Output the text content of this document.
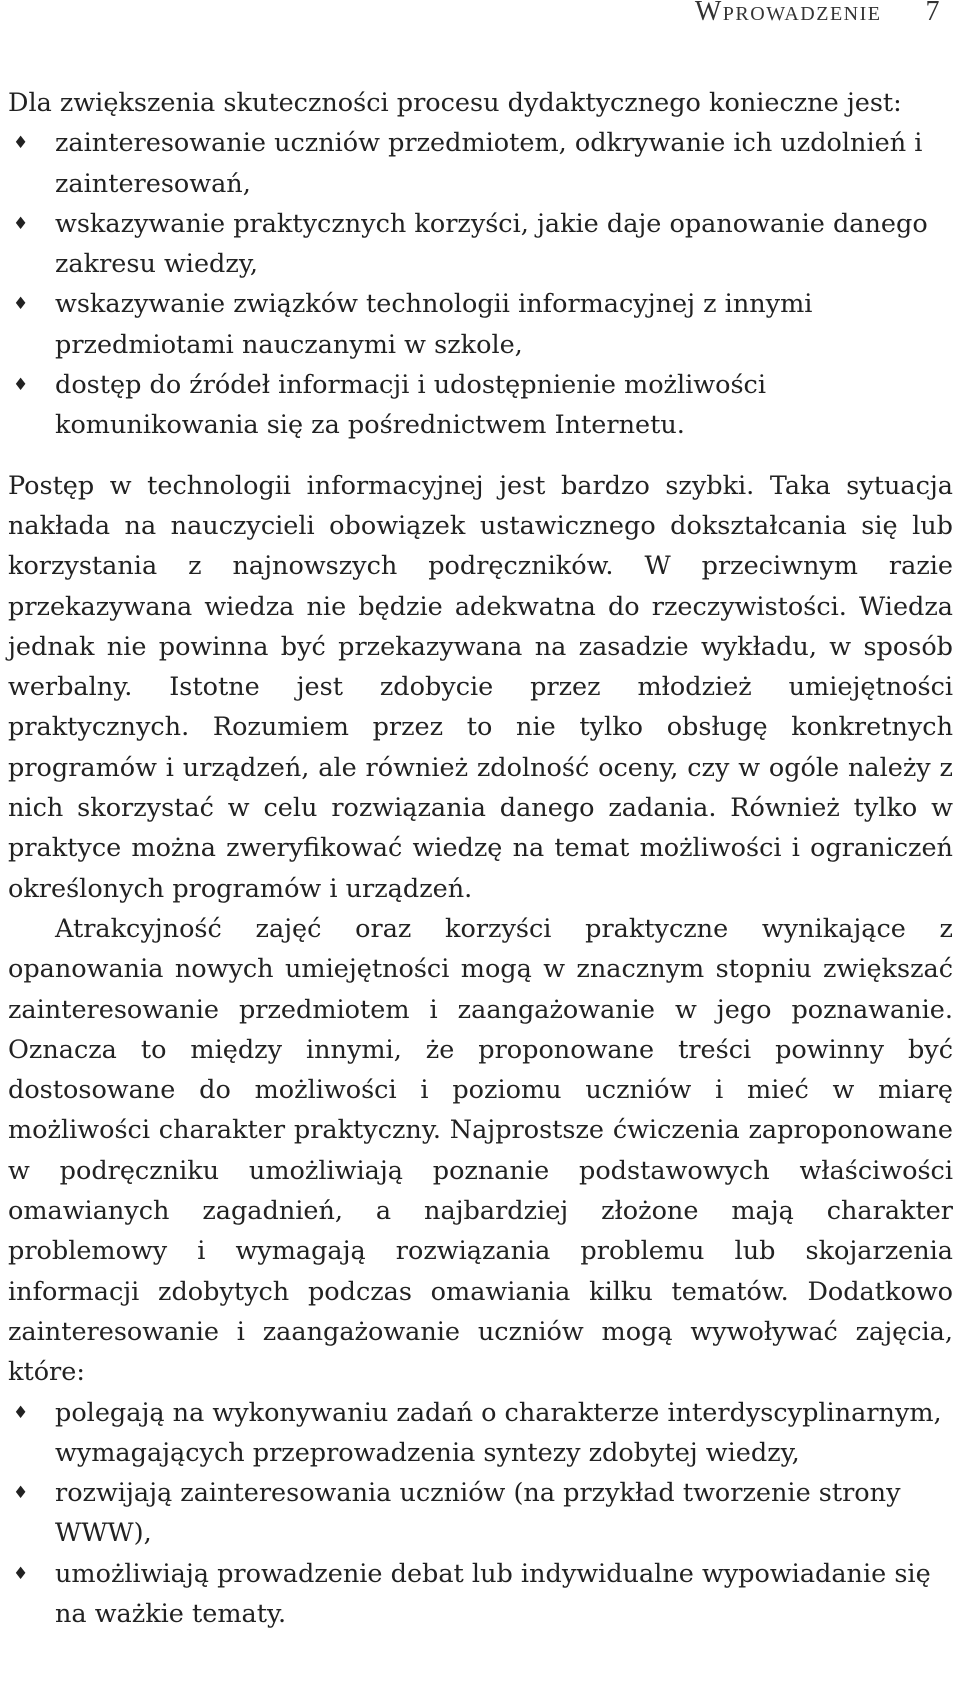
Wprowadzenie 7

Dla zwiększenia skuteczności procesu dydaktycznego konieczne jest:

♦ zainteresowanie uczniów przedmiotem, odkrywanie ich uzdolnień i zainteresowań,
♦ wskazywanie praktycznych korzyści, jakie daje opanowanie danego zakresu wiedzy,
♦ wskazywanie związków technologii informacyjnej z innymi przedmiotami nauczanymi w szkole,
♦ dostęp do źródeł informacji i udostępnienie możliwości komunikowania się za pośrednictwem Internetu.

Postęp w technologii informacyjnej jest bardzo szybki. Taka sytuacja nakłada na nauczycieli obowiązek ustawicznego dokształcania się lub korzystania z najnowszych podręczników. W przeciwnym razie przekazywana wiedza nie będzie adekwatna do rzeczywistości. Wiedza jednak nie powinna być przekazywana na zasadzie wykładu, w sposób werbalny. Istotne jest zdobycie przez młodzież umiejętności praktycznych. Rozumiem przez to nie tylko obsługę konkretnych programów i urządzeń, ale również zdolność oceny, czy w ogóle należy z nich skorzystać w celu rozwiązania danego zadania. Również tylko w praktyce można zweryfikować wiedzę na temat możliwości i ograniczeń określonych programów i urządzeń.

Atrakcyjność zajęć oraz korzyści praktyczne wynikające z opanowania nowych umiejętności mogą w znacznym stopniu zwiększać zainteresowanie przedmiotem i zaangażowanie w jego poznawanie. Oznacza to między innymi, że proponowane treści powinny być dostosowane do możliwości i poziomu uczniów i mieć w miarę możliwości charakter praktyczny. Najprostsze ćwiczenia zaproponowane w podręczniku umożliwiają poznanie podstawowych właściwości omawianych zagadnień, a najbardziej złożone mają charakter problemowy i wymagają rozwiązania problemu lub skojarzenia informacji zdobytych podczas omawiania kilku tematów. Dodatkowo zainteresowanie i zaangażowanie uczniów mogą wywoływać zajęcia, które:

♦ polegają na wykonywaniu zadań o charakterze interdyscyplinarnym, wymagających przeprowadzenia syntezy zdobytej wiedzy,
♦ rozwijają zainteresowania uczniów (na przykład tworzenie strony WWW),
♦ umożliwiają prowadzenie debat lub indywidualne wypowiadanie się na ważkie tematy.
